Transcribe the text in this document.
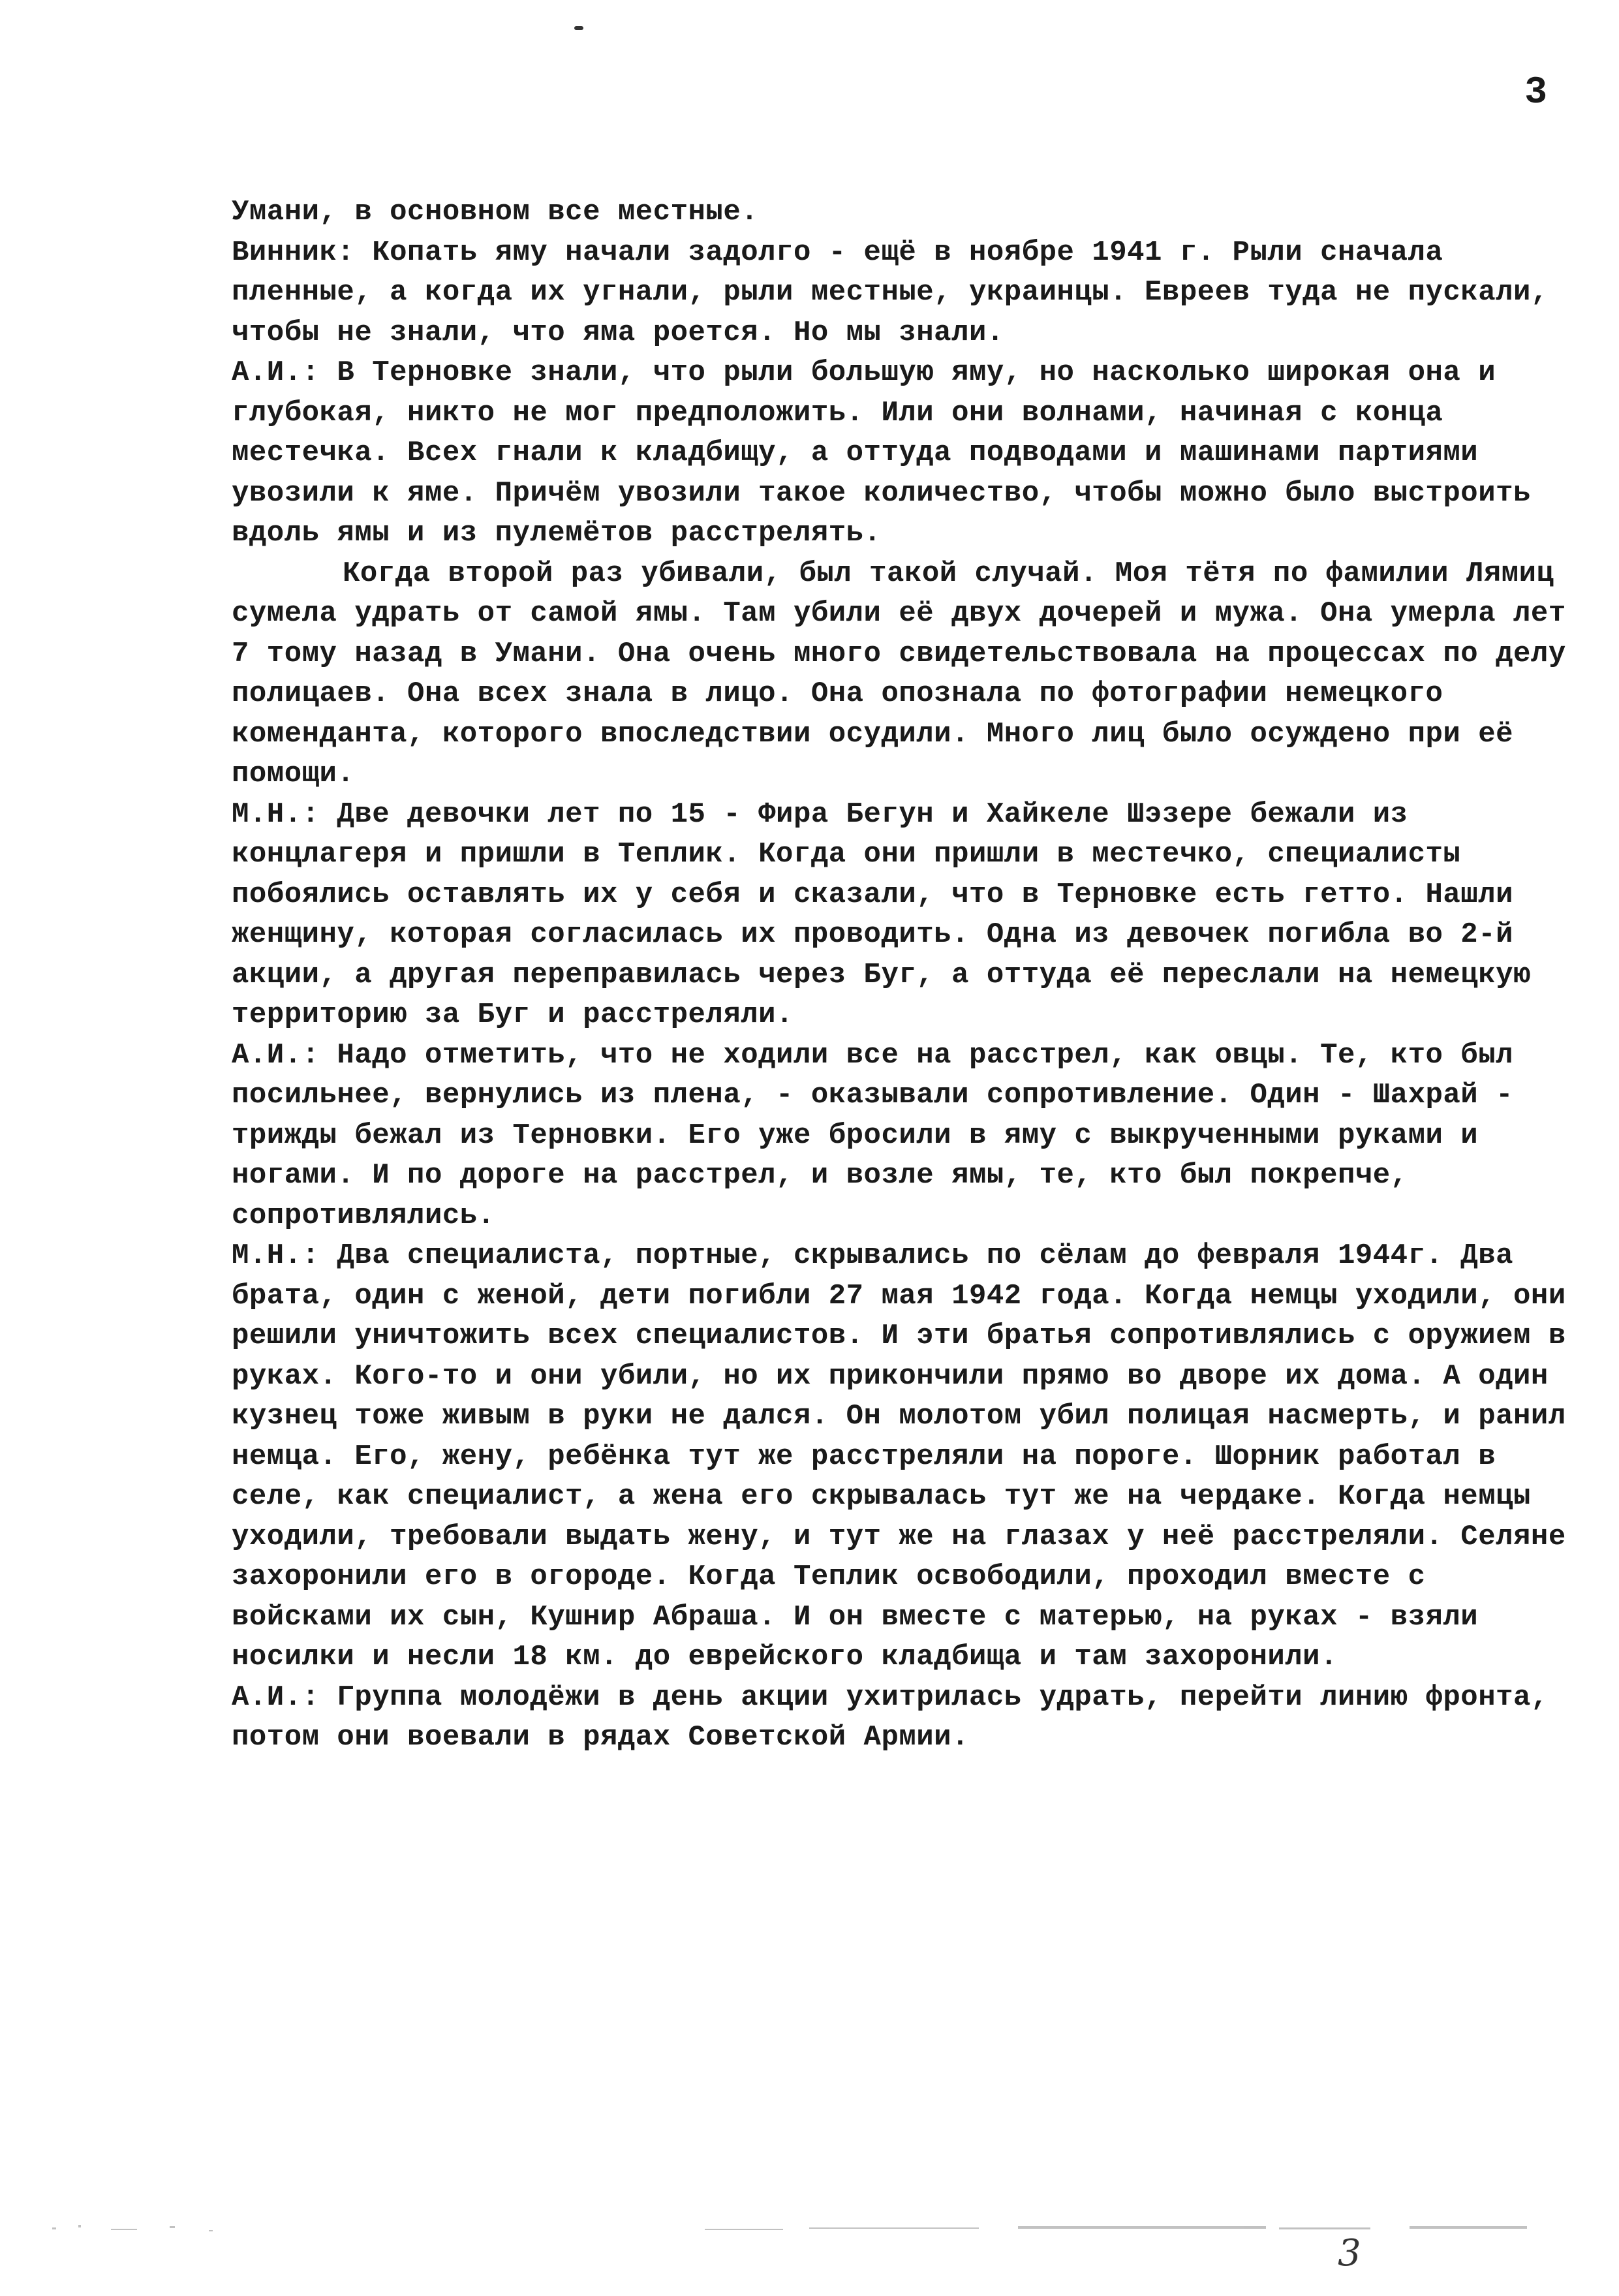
3

Умани, в основном все местные.

Винник: Копать яму начали задолго - ещё в ноябре 1941 г. Рыли сначала пленные, а когда их угнали, рыли местные, украинцы. Евреев туда не пускали, чтобы не знали, что яма роется. Но мы знали.

А.И.: В Терновке знали, что рыли большую яму, но насколько широкая она и глубокая, никто не мог предположить. Или они волнами, начиная с конца местечка. Всех гнали к кладбищу, а оттуда подводами и машинами партиями увозили к яме. Причём увозили такое количество, чтобы можно было выстроить вдоль ямы и из пулемётов расстрелять.

Когда второй раз убивали, был такой случай. Моя тётя по фамилии Лямиц сумела удрать от самой ямы. Там убили её двух дочерей и мужа. Она умерла лет 7 тому назад в Умани. Она очень много свидетельствовала на процессах по делу полицаев. Она всех знала в лицо. Она опознала по фотографии немецкого коменданта, которого впоследствии осудили. Много лиц было осуждено при её помощи.

М.Н.: Две девочки лет по 15 - Фира Бегун и Хайкеле Шэзере бежали из концлагеря и пришли в Теплик. Когда они пришли в местечко, специалисты побоялись оставлять их у себя и сказали, что в Терновке есть гетто. Нашли женщину, которая согласилась их проводить. Одна из девочек погибла во 2-й акции, а другая переправилась через Буг, а оттуда её переслали на немецкую территорию за Буг и расстреляли.

А.И.: Надо отметить, что не ходили все на расстрел, как овцы. Те, кто был посильнее, вернулись из плена, - оказывали сопротивление. Один - Шахрай - трижды бежал из Терновки. Его уже бросили в яму с выкрученными руками и ногами. И по дороге на расстрел, и возле ямы, те, кто был покрепче, сопротивлялись.

М.Н.: Два специалиста, портные, скрывались по сёлам до февраля 1944г. Два брата, один с женой, дети погибли 27 мая 1942 года. Когда немцы уходили, они решили уничтожить всех специалистов. И эти братья сопротивлялись с оружием в руках. Кого-то и они убили, но их прикончили прямо во дворе их дома. А один кузнец тоже живым в руки не дался. Он молотом убил полицая насмерть, и ранил немца. Его, жену, ребёнка тут же расстреляли на пороге. Шорник работал в селе, как специалист, а жена его скрывалась тут же на чердаке. Когда немцы уходили, требовали выдать жену, и тут же на глазах у неё расстреляли. Селяне захоронили его в огороде. Когда Теплик освободили, проходил вместе с войсками их сын, Кушнир Абраша. И он вместе с матерью, на руках - взяли носилки и несли 18 км. до еврейского кладбища и там захоронили.

А.И.: Группа молодёжи в день акции ухитрилась удрать, перейти линию фронта, потом они воевали в рядах Советской Армии.

3
